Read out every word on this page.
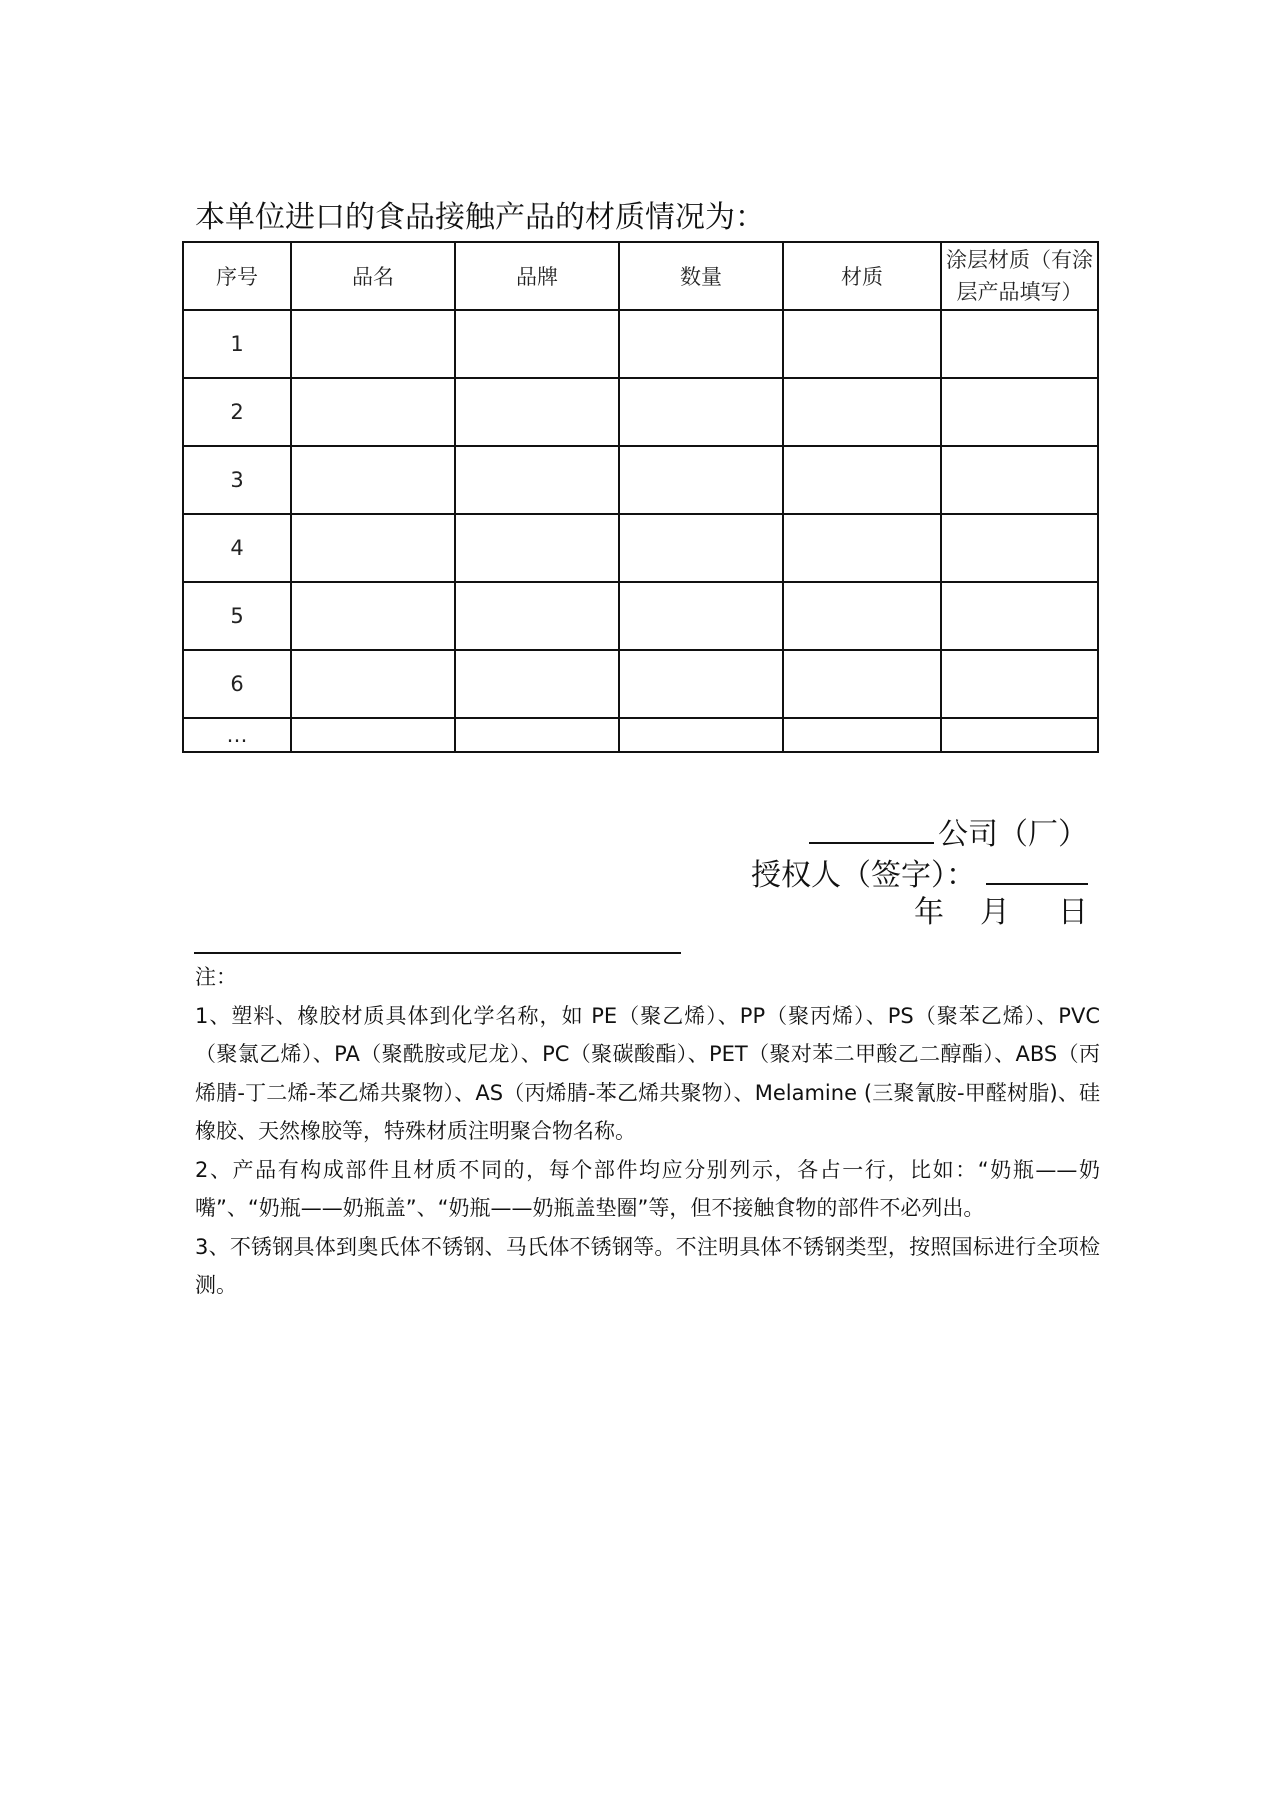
本单位进口的食品接触产品的材质情况为：
序号	品名	品牌	数量	材质	涂层材质（有涂
层产品填写）
1					
2					
3					
4					
5					
6					
…					
公司（厂）
授权人（签字）：
年 月 日

注：

1、塑料、橡胶材质具体到化学名称，如 PE（聚乙烯）、PP（聚丙烯）、PS（聚苯乙烯）、PVC（聚氯乙烯）、PA（聚酰胺或尼龙）、PC（聚碳酸酯）、PET（聚对苯二甲酸乙二醇酯）、ABS（丙烯腈-丁二烯-苯乙烯共聚物）、AS（丙烯腈-苯乙烯共聚物）、Melamine (三聚氰胺-甲醛树脂)、硅橡胶、天然橡胶等，特殊材质注明聚合物名称。

2、产品有构成部件且材质不同的，每个部件均应分别列示，各占一行，比如：“奶瓶——奶嘴”、“奶瓶——奶瓶盖”、“奶瓶——奶瓶盖垫圈”等，但不接触食物的部件不必列出。

3、不锈钢具体到奥氏体不锈钢、马氏体不锈钢等。不注明具体不锈钢类型，按照国标进行全项检测。
